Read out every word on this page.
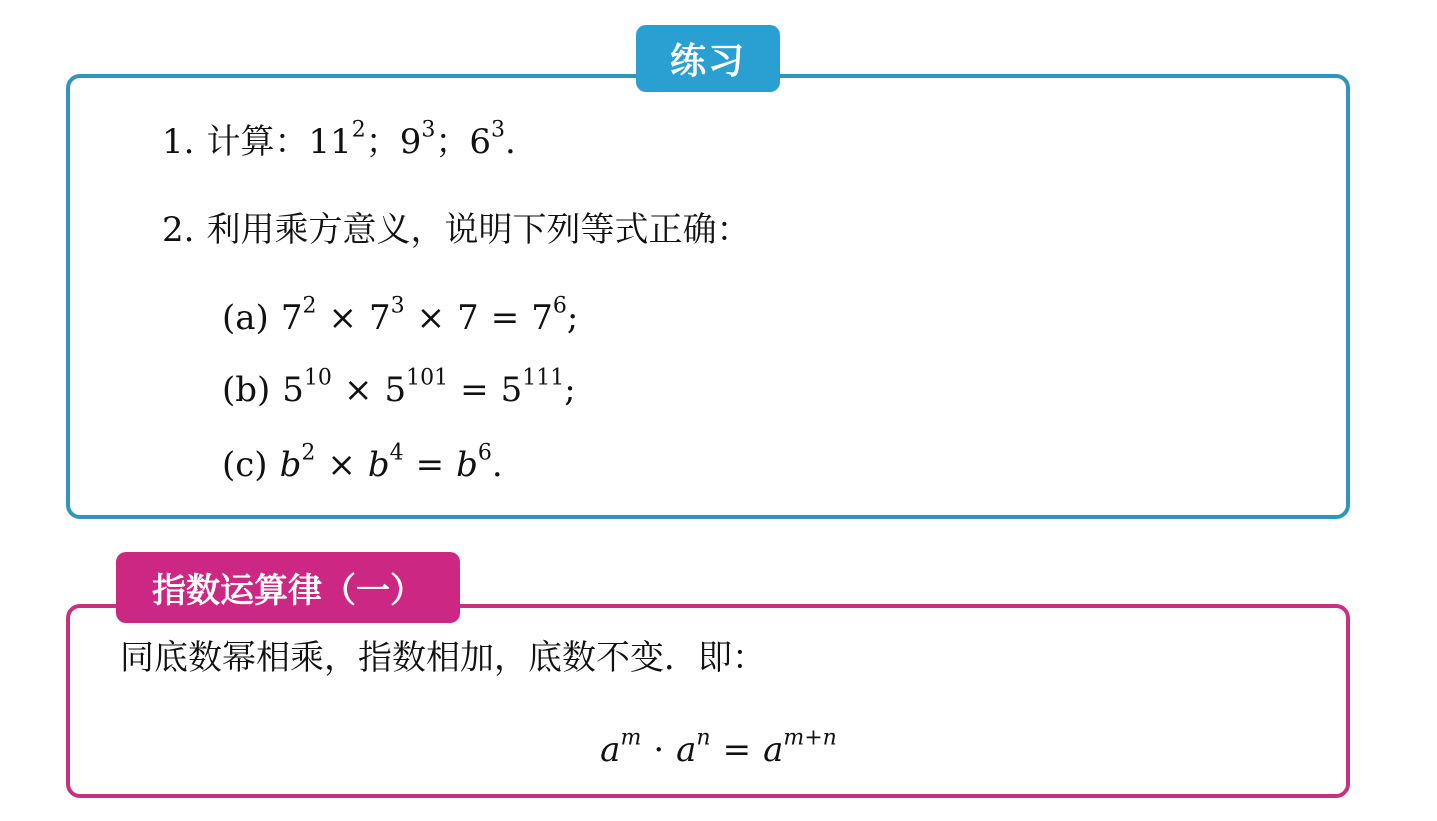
练习
1. 计算：$11^2$；$9^3$；$6^3$.
2. 利用乘方意义，说明下列等式正确：
(a) $7^2 \times 7^3 \times 7 = 7^6$;
(b) $5^{10} \times 5^{101} = 5^{111}$;
(c) $b^2 \times b^4 = b^6$.
指数运算律（一）
同底数幂相乘，指数相加，底数不变．即：
$a^m \cdot a^n = a^{m+n}$
